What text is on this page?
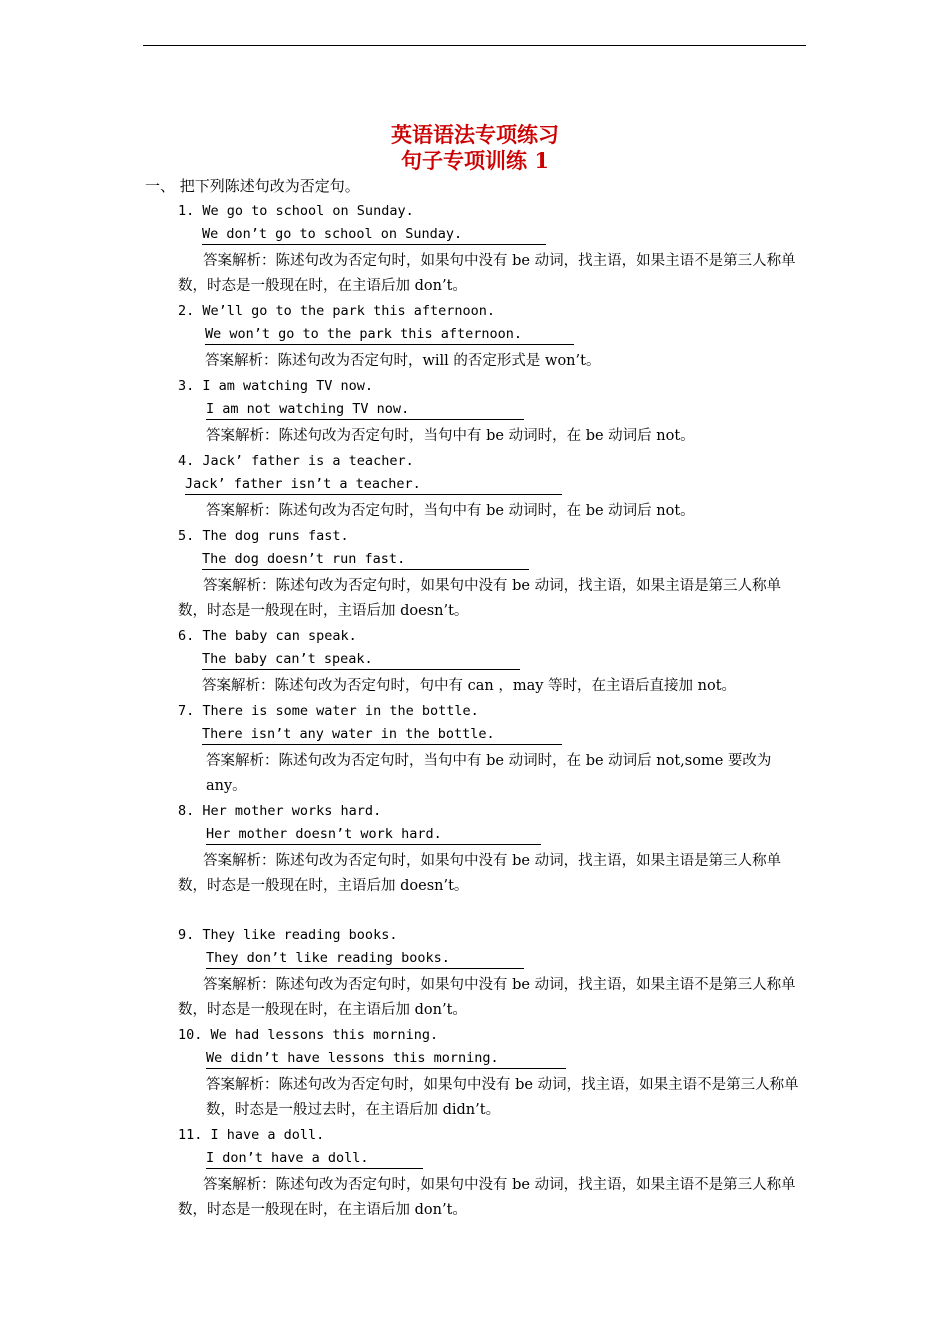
英语语法专项练习
句子专项训练 1
一、 把下列陈述句改为否定句。
1. We go to school on Sunday.
We don’t go to school on Sunday.
答案解析：陈述句改为否定句时，如果句中没有 be 动词，找主语，如果主语不是第三人称单数，时态是一般现在时，在主语后加 don’t。
2. We’ll go to the park this afternoon.
We won’t go to the park this afternoon.
答案解析：陈述句改为否定句时，will 的否定形式是 won’t。
3. I am watching TV now.
I am not watching TV now.
答案解析：陈述句改为否定句时，当句中有 be 动词时，在 be 动词后 not。
4. Jack’ father is a teacher.
Jack’ father isn’t a teacher.
答案解析：陈述句改为否定句时，当句中有 be 动词时，在 be 动词后 not。
5. The dog runs fast.
The dog doesn’t run fast.
答案解析：陈述句改为否定句时，如果句中没有 be 动词，找主语，如果主语是第三人称单数，时态是一般现在时，主语后加 doesn’t。
6. The baby can speak.
The baby can’t speak.
答案解析：陈述句改为否定句时，句中有 can ，may 等时，在主语后直接加 not。
7. There is some water in the bottle.
There isn’t any water in the bottle.
答案解析：陈述句改为否定句时，当句中有 be 动词时，在 be 动词后 not,some 要改为 any。
8. Her mother works hard.
Her mother doesn’t work hard.
答案解析：陈述句改为否定句时，如果句中没有 be 动词，找主语，如果主语是第三人称单数，时态是一般现在时，主语后加 doesn’t。
9. They like reading books.
They don’t like reading books.
答案解析：陈述句改为否定句时，如果句中没有 be 动词，找主语，如果主语不是第三人称单数，时态是一般现在时，在主语后加 don’t。
10. We had lessons this morning.
We didn’t have lessons this morning.
答案解析：陈述句改为否定句时，如果句中没有 be 动词，找主语，如果主语不是第三人称单数，时态是一般过去时，在主语后加 didn’t。
11. I have a doll.
I don’t have a doll.
答案解析：陈述句改为否定句时，如果句中没有 be 动词，找主语，如果主语不是第三人称单数，时态是一般现在时，在主语后加 don’t。
